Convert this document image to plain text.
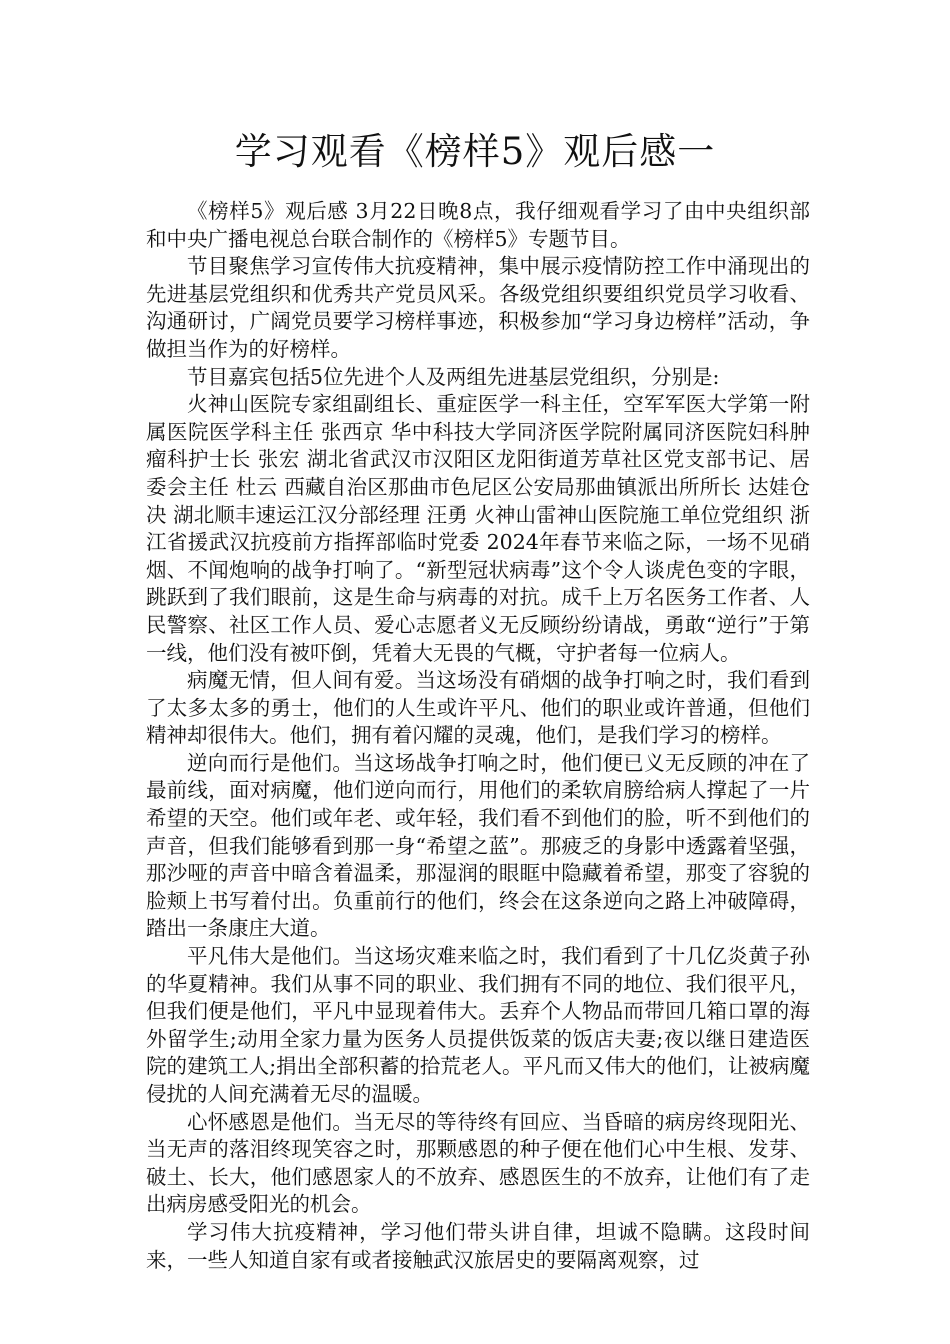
学习观看《榜样5》观后感一

《榜样5》观后感 3月22日晚8点，我仔细观看学习了由中央组织部和中央广播电视总台联合制作的《榜样5》专题节目。

节目聚焦学习宣传伟大抗疫精神，集中展示疫情防控工作中涌现出的先进基层党组织和优秀共产党员风采。各级党组织要组织党员学习收看、沟通研讨，广阔党员要学习榜样事迹，积极参加“学习身边榜样”活动，争做担当作为的好榜样。

节目嘉宾包括5位先进个人及两组先进基层党组织，分别是:

火神山医院专家组副组长、重症医学一科主任，空军军医大学第一附属医院医学科主任 张西京 华中科技大学同济医学院附属同济医院妇科肿瘤科护士长 张宏 湖北省武汉市汉阳区龙阳街道芳草社区党支部书记、居委会主任 杜云 西藏自治区那曲市色尼区公安局那曲镇派出所所长 达娃仓决 湖北顺丰速运江汉分部经理 汪勇 火神山雷神山医院施工单位党组织 浙江省援武汉抗疫前方指挥部临时党委 2024年春节来临之际，一场不见硝烟、不闻炮响的战争打响了。“新型冠状病毒”这个令人谈虎色变的字眼，跳跃到了我们眼前，这是生命与病毒的对抗。成千上万名医务工作者、人民警察、社区工作人员、爱心志愿者义无反顾纷纷请战，勇敢“逆行”于第一线，他们没有被吓倒，凭着大无畏的气概，守护者每一位病人。

病魔无情，但人间有爱。当这场没有硝烟的战争打响之时，我们看到了太多太多的勇士，他们的人生或许平凡、他们的职业或许普通，但他们精神却很伟大。他们，拥有着闪耀的灵魂，他们，是我们学习的榜样。

逆向而行是他们。当这场战争打响之时，他们便已义无反顾的冲在了最前线，面对病魔，他们逆向而行，用他们的柔软肩膀给病人撑起了一片希望的天空。他们或年老、或年轻，我们看不到他们的脸，听不到他们的声音，但我们能够看到那一身“希望之蓝”。那疲乏的身影中透露着坚强，那沙哑的声音中暗含着温柔，那湿润的眼眶中隐藏着希望，那变了容貌的脸颊上书写着付出。负重前行的他们，终会在这条逆向之路上冲破障碍，踏出一条康庄大道。

平凡伟大是他们。当这场灾难来临之时，我们看到了十几亿炎黄子孙的华夏精神。我们从事不同的职业、我们拥有不同的地位、我们很平凡，但我们便是他们，平凡中显现着伟大。丢弃个人物品而带回几箱口罩的海外留学生;动用全家力量为医务人员提供饭菜的饭店夫妻;夜以继日建造医院的建筑工人;捐出全部积蓄的拾荒老人。平凡而又伟大的他们，让被病魔侵扰的人间充满着无尽的温暖。

心怀感恩是他们。当无尽的等待终有回应、当昏暗的病房终现阳光、当无声的落泪终现笑容之时，那颗感恩的种子便在他们心中生根、发芽、破土、长大，他们感恩家人的不放弃、感恩医生的不放弃，让他们有了走出病房感受阳光的机会。

学习伟大抗疫精神，学习他们带头讲自律，坦诚不隐瞒。这段时间来，一些人知道自家有或者接触武汉旅居史的要隔离观察，过
